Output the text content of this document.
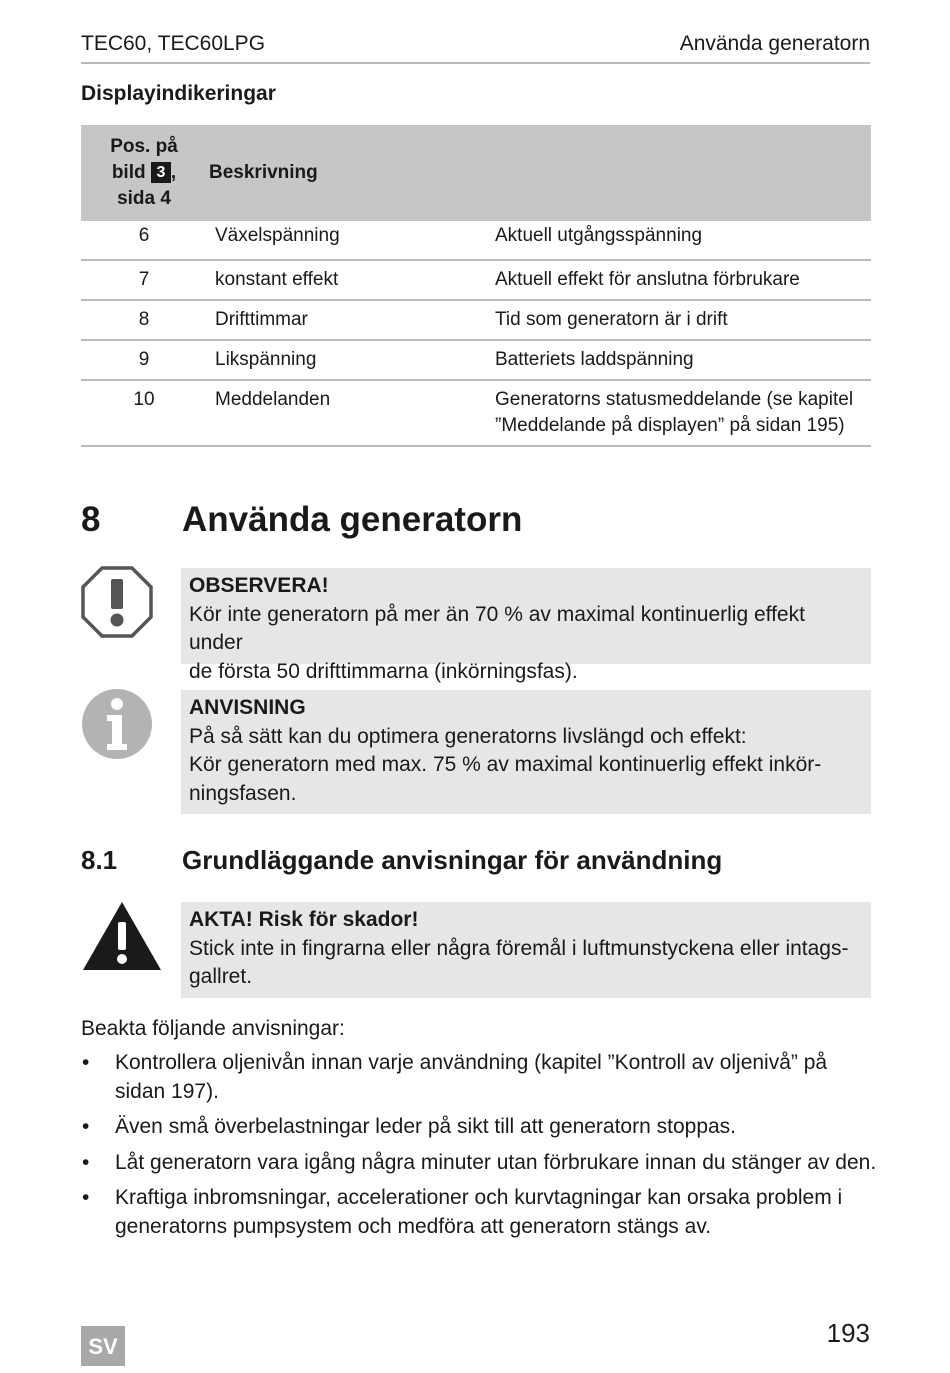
TEC60, TEC60LPG	Använda generatorn
Displayindikeringar
Pos. på
bild 3 ,
sida 4	Beskrivning	
6	Växelspänning	Aktuell utgångsspänning
7	konstant effekt	Aktuell effekt för anslutna förbrukare
8	Drifttimmar	Tid som generatorn är i drift
9	Likspänning	Batteriets laddspänning
10	Meddelanden	Generatorns statusmeddelande (se kapitel
”Meddelande på displayen” på sidan 195)
8 Använda generatorn
OBSERVERA!
Kör inte generatorn på mer än 70 % av maximal kontinuerlig effekt under
de första 50 drifttimmarna (inkörningsfas).
ANVISNING
På så sätt kan du optimera generatorns livslängd och effekt:
Kör generatorn med max. 75 % av maximal kontinuerlig effekt inkör-
ningsfasen.
8.1 Grundläggande anvisningar för användning
AKTA! Risk för skador!
Stick inte in fingrarna eller några föremål i luftmunstyckena eller intags-
gallret.
Beakta följande anvisningar:
• Kontrollera oljenivån innan varje användning (kapitel ”Kontroll av oljenivå” på
sidan 197).
• Även små överbelastningar leder på sikt till att generatorn stoppas.
• Låt generatorn vara igång några minuter utan förbrukare innan du stänger av den.
• Kraftiga inbromsningar, accelerationer och kurvtagningar kan orsaka problem i
generatorns pumpsystem och medföra att generatorn stängs av.
SV	193
